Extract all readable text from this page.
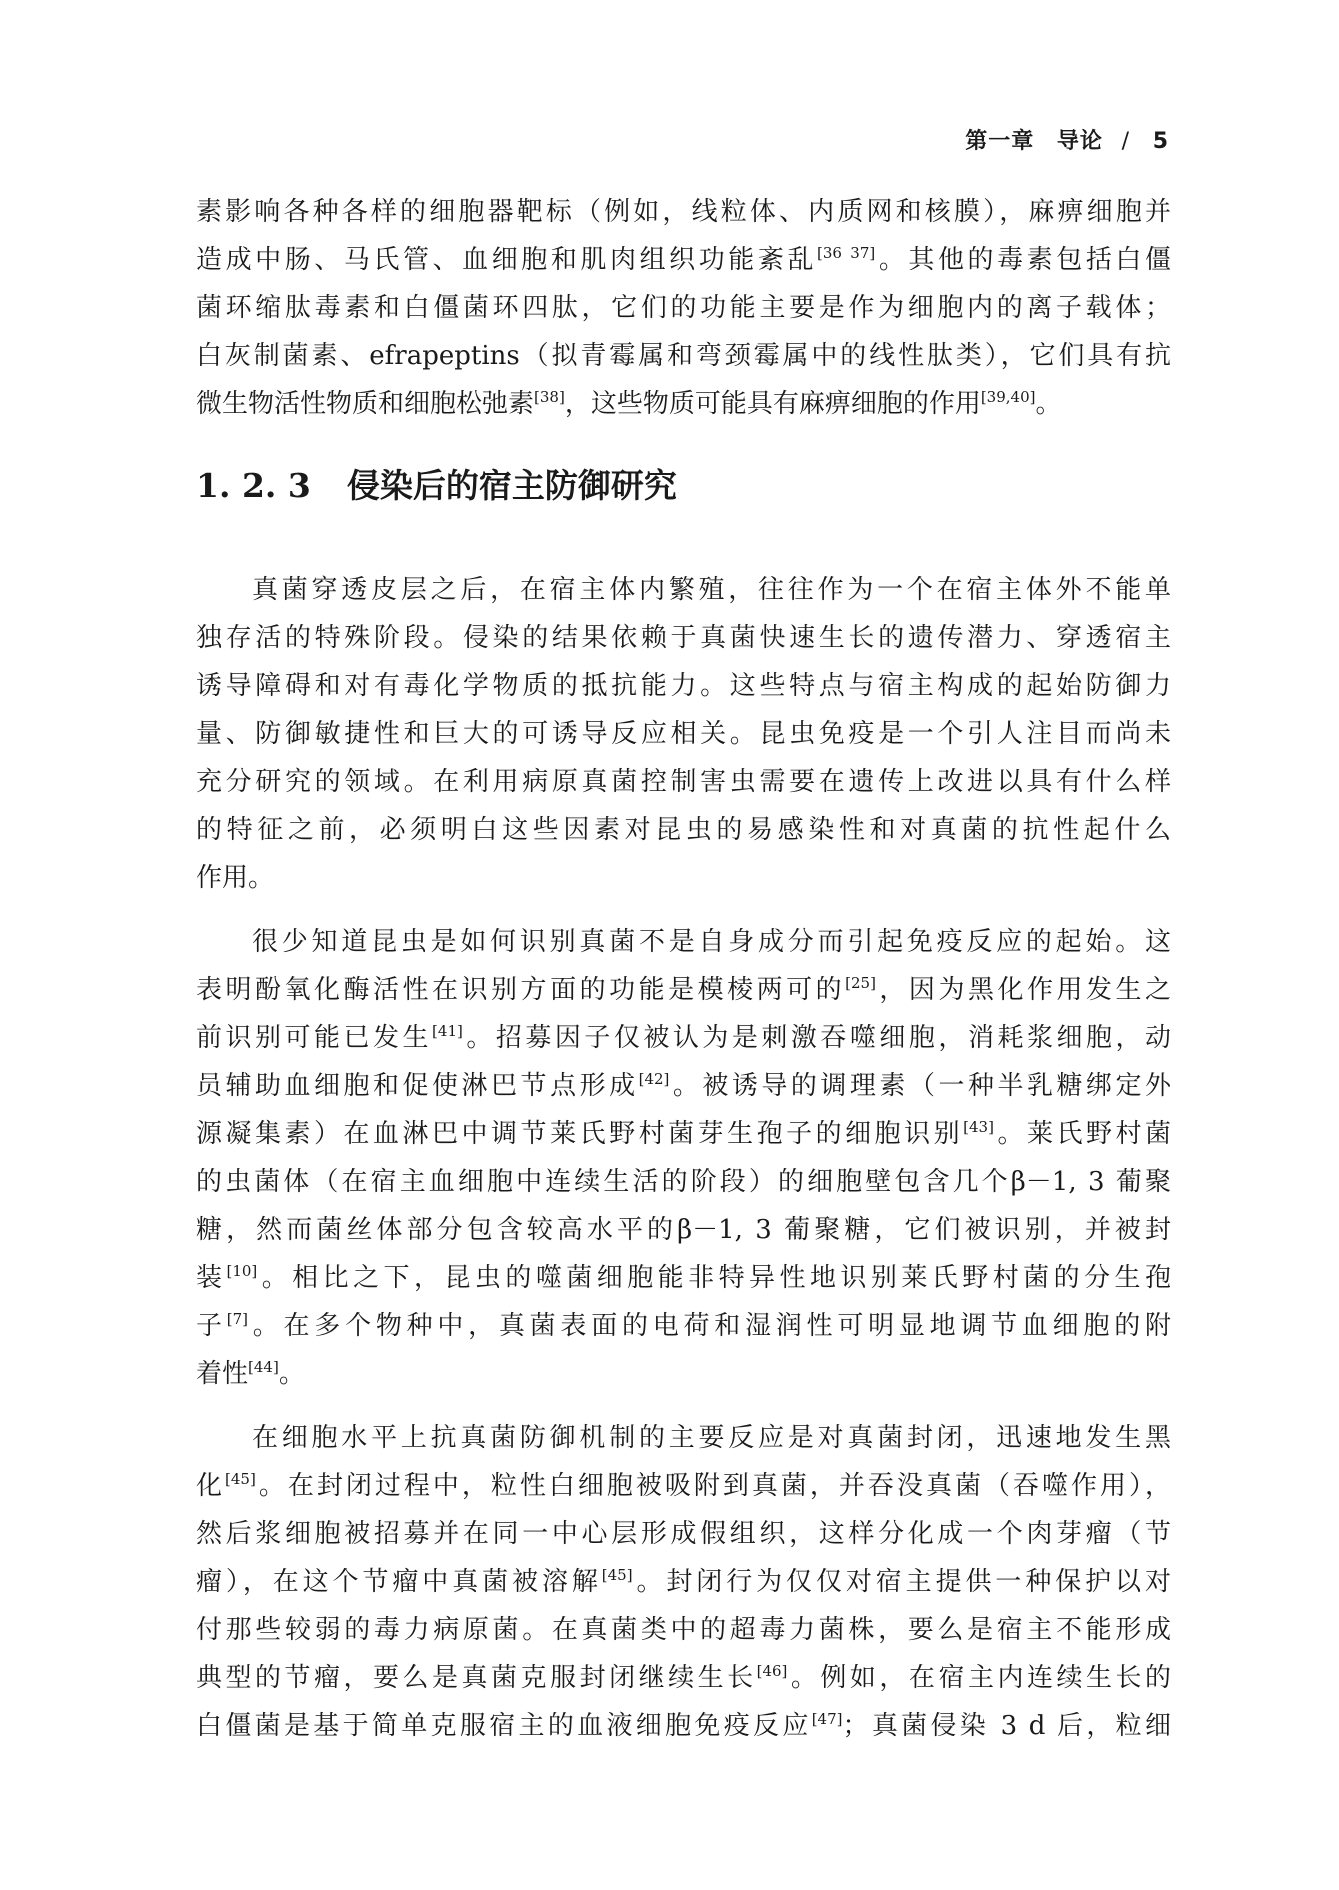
第一章 导论 / 5
素影响各种各样的细胞器靶标（例如，线粒体、内质网和核膜），麻痹细胞并
造成中肠、马氏管、血细胞和肌肉组织功能紊乱[36 37]。其他的毒素包括白僵
菌环缩肽毒素和白僵菌环四肽，它们的功能主要是作为细胞内的离子载体；
白灰制菌素、efrapeptins（拟青霉属和弯颈霉属中的线性肽类），它们具有抗
微生物活性物质和细胞松弛素[38]，这些物质可能具有麻痹细胞的作用[39,40]。
1. 2. 3 侵染后的宿主防御研究
真菌穿透皮层之后，在宿主体内繁殖，往往作为一个在宿主体外不能单
独存活的特殊阶段。侵染的结果依赖于真菌快速生长的遗传潜力、穿透宿主
诱导障碍和对有毒化学物质的抵抗能力。这些特点与宿主构成的起始防御力
量、防御敏捷性和巨大的可诱导反应相关。昆虫免疫是一个引人注目而尚未
充分研究的领域。在利用病原真菌控制害虫需要在遗传上改进以具有什么样
的特征之前，必须明白这些因素对昆虫的易感染性和对真菌的抗性起什么
作用。
很少知道昆虫是如何识别真菌不是自身成分而引起免疫反应的起始。这
表明酚氧化酶活性在识别方面的功能是模棱两可的[25]，因为黑化作用发生之
前识别可能已发生[41]。招募因子仅被认为是刺激吞噬细胞，消耗浆细胞，动
员辅助血细胞和促使淋巴节点形成[42]。被诱导的调理素（一种半乳糖绑定外
源凝集素）在血淋巴中调节莱氏野村菌芽生孢子的细胞识别[43]。莱氏野村菌
的虫菌体（在宿主血细胞中连续生活的阶段）的细胞壁包含几个β－1, 3 葡聚
糖，然而菌丝体部分包含较高水平的β－1, 3 葡聚糖，它们被识别，并被封
装[10]。相比之下，昆虫的噬菌细胞能非特异性地识别莱氏野村菌的分生孢
子[7]。在多个物种中，真菌表面的电荷和湿润性可明显地调节血细胞的附
着性[44]。
在细胞水平上抗真菌防御机制的主要反应是对真菌封闭，迅速地发生黑
化[45]。在封闭过程中，粒性白细胞被吸附到真菌，并吞没真菌（吞噬作用），
然后浆细胞被招募并在同一中心层形成假组织，这样分化成一个肉芽瘤（节
瘤），在这个节瘤中真菌被溶解[45]。封闭行为仅仅对宿主提供一种保护以对
付那些较弱的毒力病原菌。在真菌类中的超毒力菌株，要么是宿主不能形成
典型的节瘤，要么是真菌克服封闭继续生长[46]。例如，在宿主内连续生长的
白僵菌是基于简单克服宿主的血液细胞免疫反应[47]；真菌侵染 3 d 后，粒细
